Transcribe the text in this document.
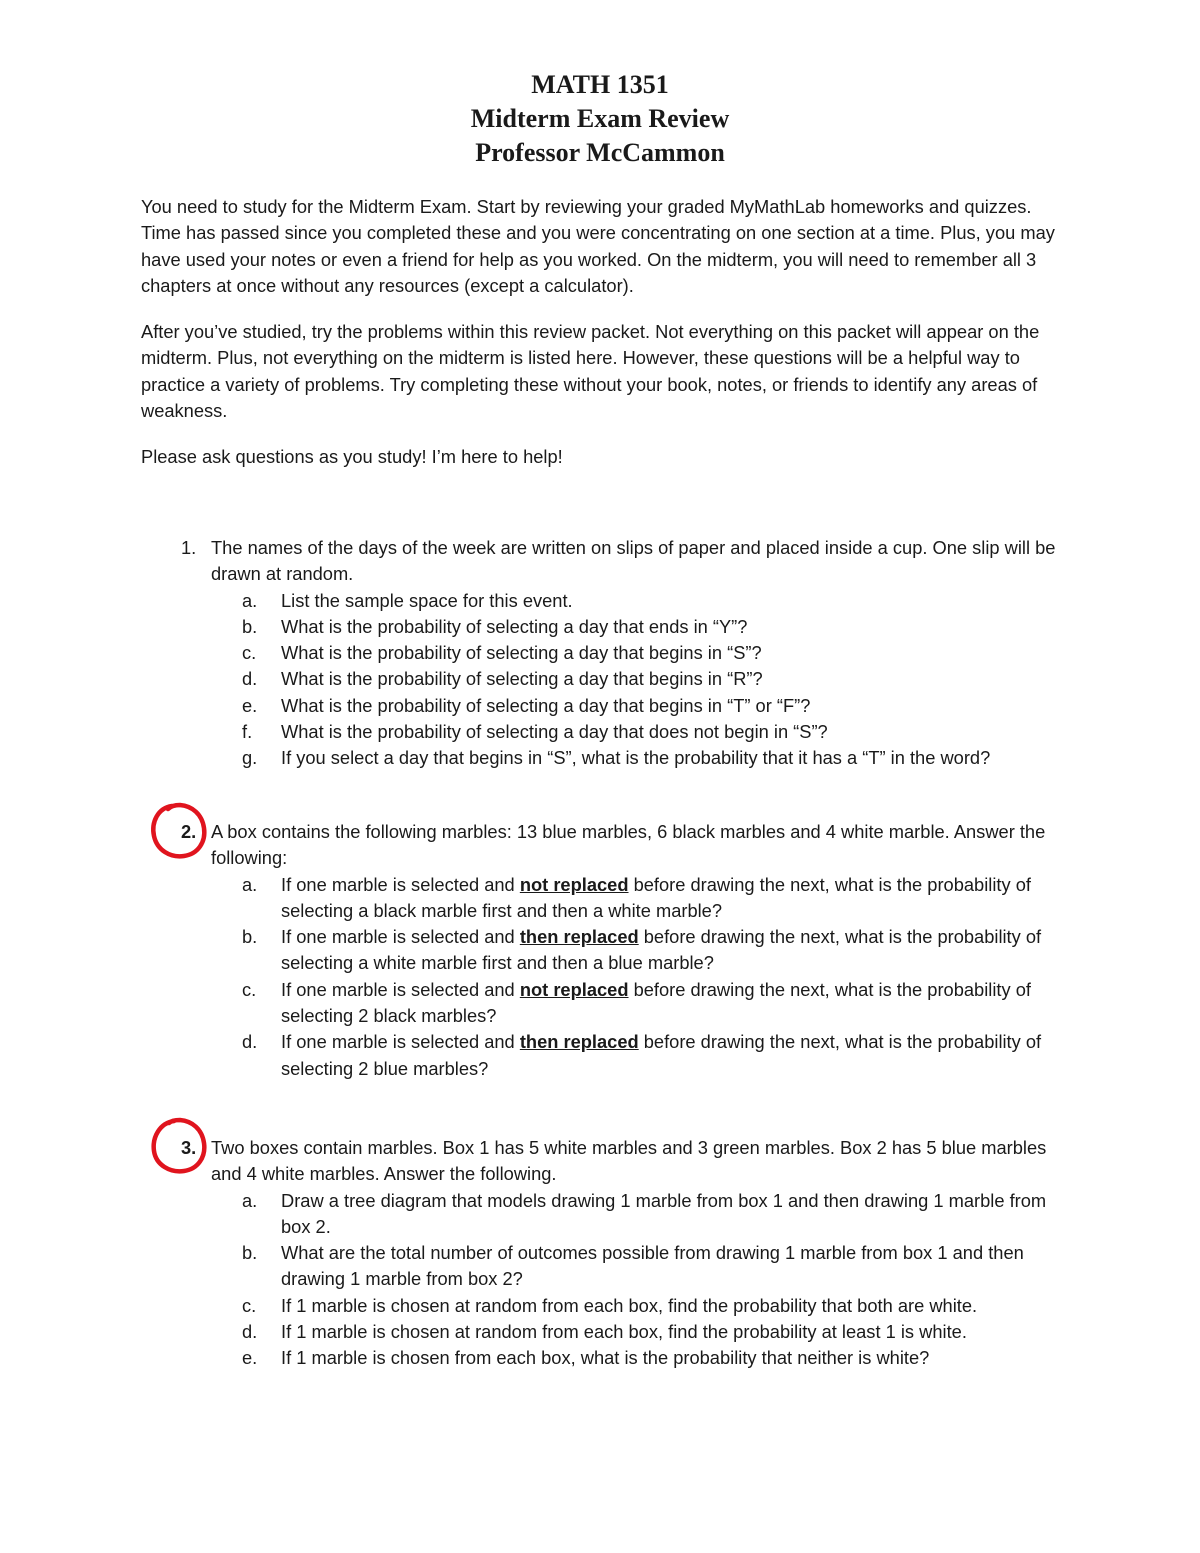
MATH 1351

Midterm Exam Review

Professor McCammon

You need to study for the Midterm Exam. Start by reviewing your graded MyMathLab homeworks and quizzes. Time has passed since you completed these and you were concentrating on one section at a time. Plus, you may have used your notes or even a friend for help as you worked. On the midterm, you will need to remember all 3 chapters at once without any resources (except a calculator).

After you’ve studied, try the problems within this review packet. Not everything on this packet will appear on the midterm. Plus, not everything on the midterm is listed here. However, these questions will be a helpful way to practice a variety of problems. Try completing these without your book, notes, or friends to identify any areas of weakness.

Please ask questions as you study! I’m here to help!

1. The names of the days of the week are written on slips of paper and placed inside a cup. One slip will be drawn at random.
a.	List the sample space for this event.
b.	What is the probability of selecting a day that ends in “Y”?
c.	What is the probability of selecting a day that begins in “S”?
d.	What is the probability of selecting a day that begins in “R”?
e.	What is the probability of selecting a day that begins in “T” or “F”?
f.	What is the probability of selecting a day that does not begin in “S”?
g.	If you select a day that begins in “S”, what is the probability that it has a “T” in the word?
2. A box contains the following marbles: 13 blue marbles, 6 black marbles and 4 white marble. Answer the following:
a.	If one marble is selected and not replaced before drawing the next, what is the probability of selecting a black marble first and then a white marble?
b.	If one marble is selected and then replaced before drawing the next, what is the probability of selecting a white marble first and then a blue marble?
c.	If one marble is selected and not replaced before drawing the next, what is the probability of selecting 2 black marbles?
d.	If one marble is selected and then replaced before drawing the next, what is the probability of selecting 2 blue marbles?
3. Two boxes contain marbles. Box 1 has 5 white marbles and 3 green marbles. Box 2 has 5 blue marbles and 4 white marbles. Answer the following.
a.	Draw a tree diagram that models drawing 1 marble from box 1 and then drawing 1 marble from box 2.
b.	What are the total number of outcomes possible from drawing 1 marble from box 1 and then drawing 1 marble from box 2?
c.	If 1 marble is chosen at random from each box, find the probability that both are white.
d.	If 1 marble is chosen at random from each box, find the probability at least 1 is white.
e.	If 1 marble is chosen from each box, what is the probability that neither is white?
